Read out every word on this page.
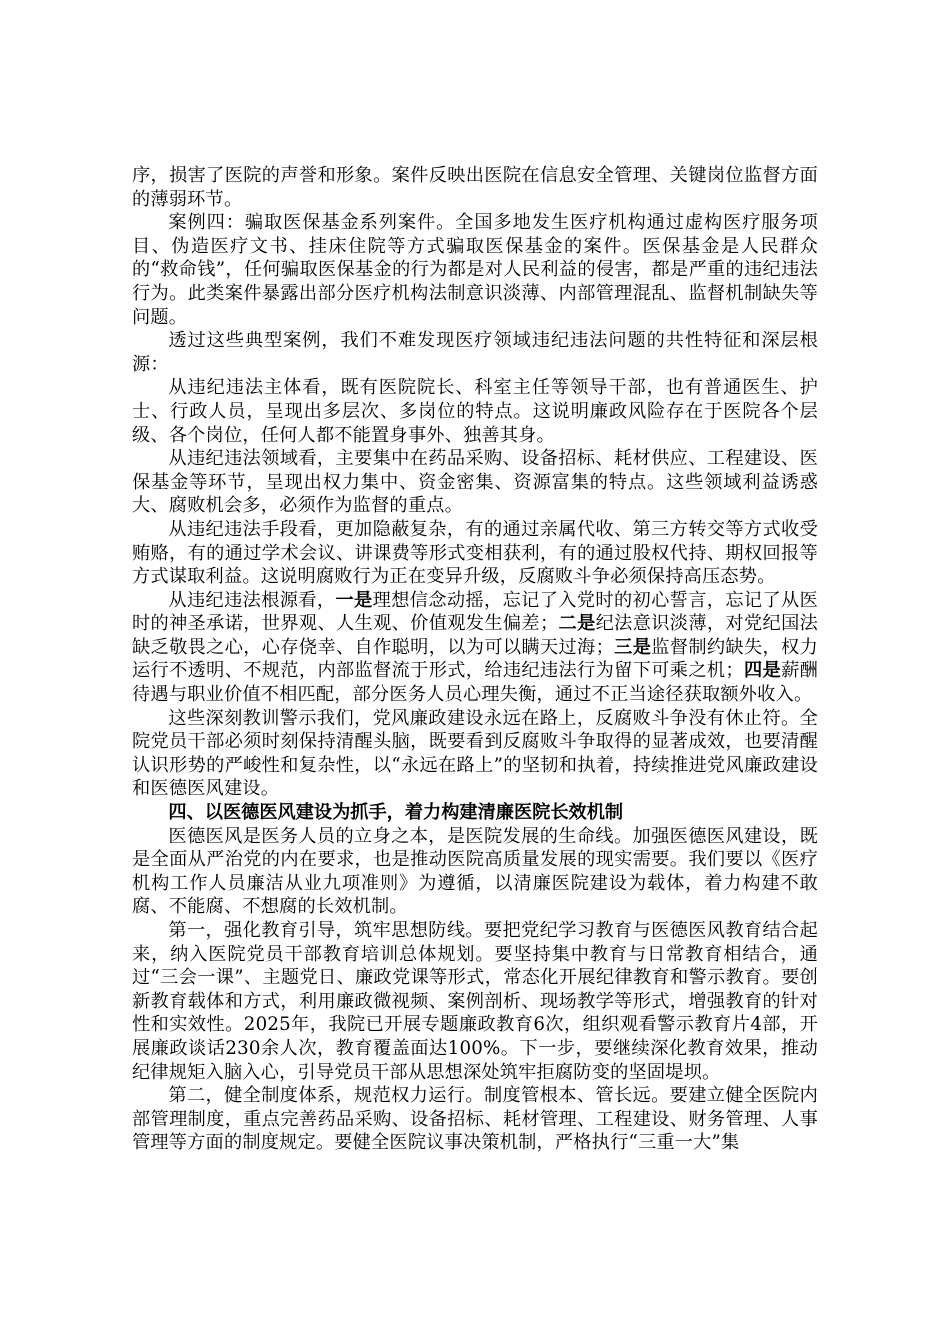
序，损害了医院的声誉和形象。案件反映出医院在信息安全管理、关键岗位监督方面的薄弱环节。

案例四：骗取医保基金系列案件。全国多地发生医疗机构通过虚构医疗服务项目、伪造医疗文书、挂床住院等方式骗取医保基金的案件。医保基金是人民群众的“救命钱”，任何骗取医保基金的行为都是对人民利益的侵害，都是严重的违纪违法行为。此类案件暴露出部分医疗机构法制意识淡薄、内部管理混乱、监督机制缺失等问题。

透过这些典型案例，我们不难发现医疗领域违纪违法问题的共性特征和深层根源：

从违纪违法主体看，既有医院院长、科室主任等领导干部，也有普通医生、护士、行政人员，呈现出多层次、多岗位的特点。这说明廉政风险存在于医院各个层级、各个岗位，任何人都不能置身事外、独善其身。

从违纪违法领域看，主要集中在药品采购、设备招标、耗材供应、工程建设、医保基金等环节，呈现出权力集中、资金密集、资源富集的特点。这些领域利益诱惑大、腐败机会多，必须作为监督的重点。

从违纪违法手段看，更加隐蔽复杂，有的通过亲属代收、第三方转交等方式收受贿赂，有的通过学术会议、讲课费等形式变相获利，有的通过股权代持、期权回报等方式谋取利益。这说明腐败行为正在变异升级，反腐败斗争必须保持高压态势。

从违纪违法根源看，一是理想信念动摇，忘记了入党时的初心誓言，忘记了从医时的神圣承诺，世界观、人生观、价值观发生偏差；二是纪法意识淡薄，对党纪国法缺乏敬畏之心，心存侥幸、自作聪明，以为可以瞒天过海；三是监督制约缺失，权力运行不透明、不规范，内部监督流于形式，给违纪违法行为留下可乘之机；四是薪酬待遇与职业价值不相匹配，部分医务人员心理失衡，通过不正当途径获取额外收入。

这些深刻教训警示我们，党风廉政建设永远在路上，反腐败斗争没有休止符。全院党员干部必须时刻保持清醒头脑，既要看到反腐败斗争取得的显著成效，也要清醒认识形势的严峻性和复杂性，以“永远在路上”的坚韧和执着，持续推进党风廉政建设和医德医风建设。

四、以医德医风建设为抓手，着力构建清廉医院长效机制

医德医风是医务人员的立身之本，是医院发展的生命线。加强医德医风建设，既是全面从严治党的内在要求，也是推动医院高质量发展的现实需要。我们要以《医疗机构工作人员廉洁从业九项准则》为遵循，以清廉医院建设为载体，着力构建不敢腐、不能腐、不想腐的长效机制。

第一，强化教育引导，筑牢思想防线。要把党纪学习教育与医德医风教育结合起来，纳入医院党员干部教育培训总体规划。要坚持集中教育与日常教育相结合，通过“三会一课”、主题党日、廉政党课等形式，常态化开展纪律教育和警示教育。要创新教育载体和方式，利用廉政微视频、案例剖析、现场教学等形式，增强教育的针对性和实效性。2025年，我院已开展专题廉政教育6次，组织观看警示教育片4部，开展廉政谈话230余人次，教育覆盖面达100%。下一步，要继续深化教育效果，推动纪律规矩入脑入心，引导党员干部从思想深处筑牢拒腐防变的坚固堤坝。

第二，健全制度体系，规范权力运行。制度管根本、管长远。要建立健全医院内部管理制度，重点完善药品采购、设备招标、耗材管理、工程建设、财务管理、人事管理等方面的制度规定。要健全医院议事决策机制，严格执行“三重一大”集
